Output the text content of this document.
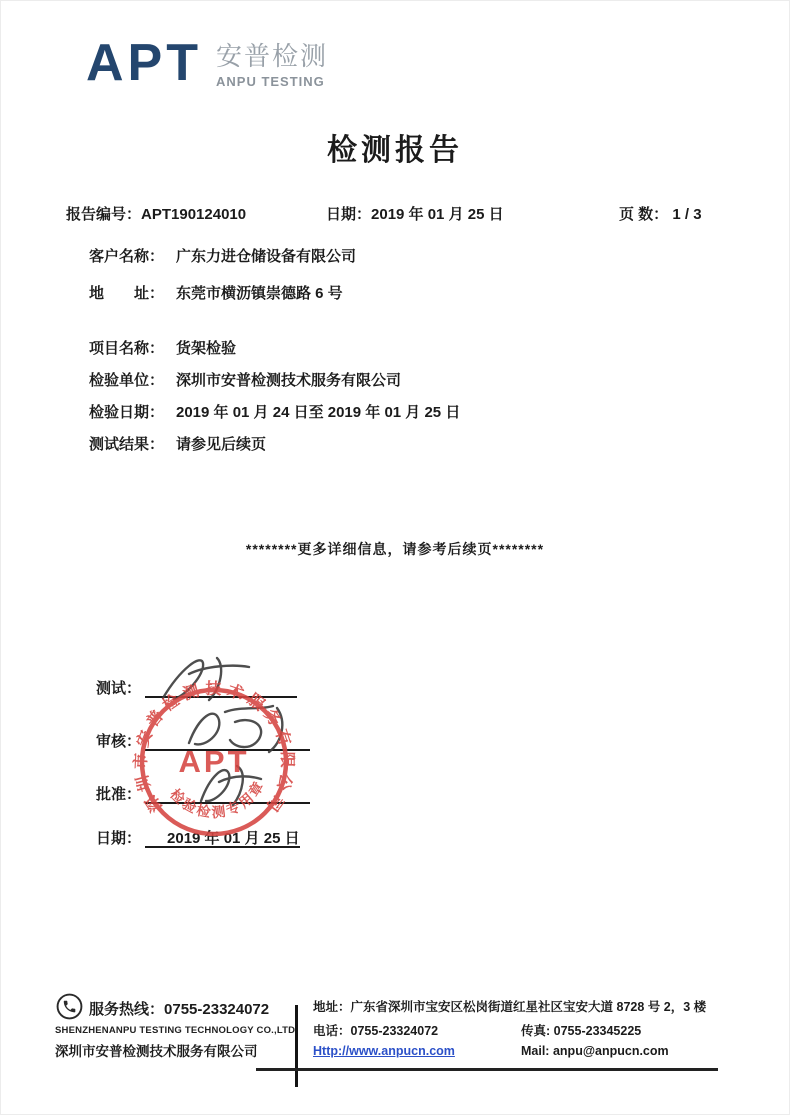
APT 安普检测
ANPU TESTING
检测报告
报告编号：APT190124010	日期：2019 年 01 月 25 日	页 数： 1 / 3
客户名称： 广东力进仓储设备有限公司
地　　址： 东莞市横沥镇崇德路 6 号
项目名称： 货架检验
检验单位： 深圳市安普检测技术服务有限公司
检验日期： 2019 年 01 月 24 日至 2019 年 01 月 25 日
测试结果： 请参见后续页
********更多详细信息，请参考后续页********
测试：
审核：
批准：
日期： 2019 年 01 月 25 日
深圳市安普检测技术服务有限公司
APT
检验检测专用章
服务热线：0755-23324072
SHENZHENANPU TESTING TECHNOLOGY CO.,LTD
深圳市安普检测技术服务有限公司
地址：广东省深圳市宝安区松岗街道红星社区宝安大道 8728 号 2，3 楼
电话：0755-23324072	传真: 0755-23345225
Http://www.anpucn.com	Mail: anpu@anpucn.com
